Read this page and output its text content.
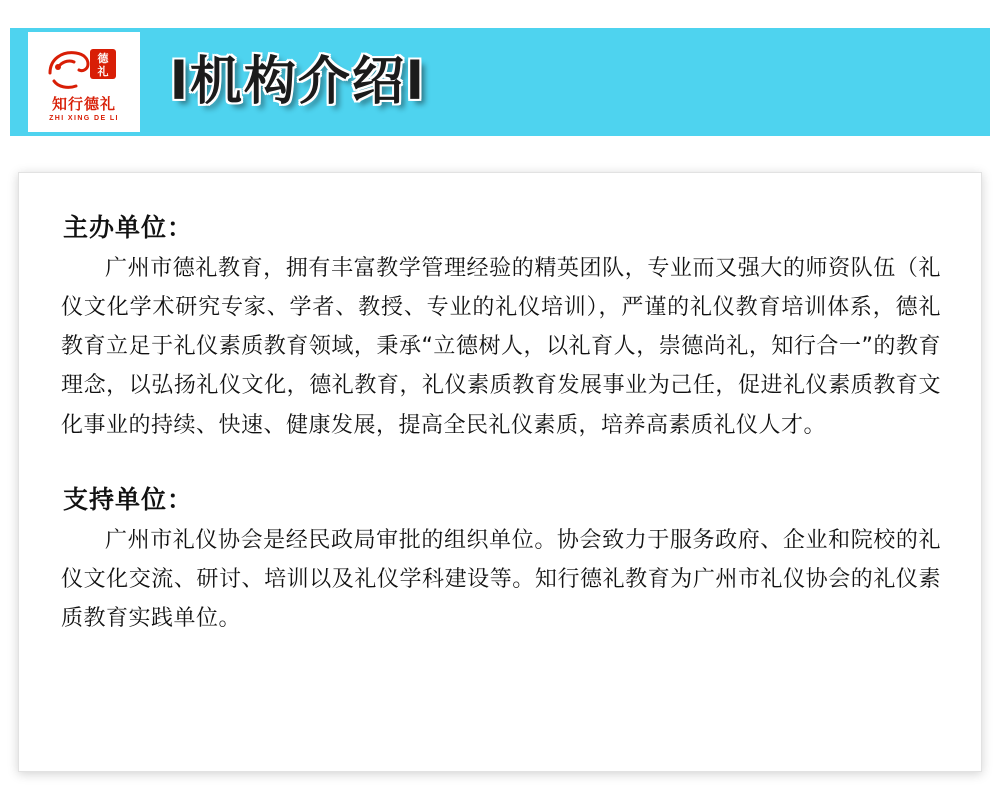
德
礼
知行德礼
ZHI XING DE LI
l机构介绍l
主办单位：

广州市德礼教育，拥有丰富教学管理经验的精英团队，专业而又强大的师资队伍（礼仪文化学术研究专家、学者、教授、专业的礼仪培训），严谨的礼仪教育培训体系，德礼教育立足于礼仪素质教育领域，秉承“立德树人，以礼育人，崇德尚礼，知行合一”的教育理念，以弘扬礼仪文化，德礼教育，礼仪素质教育发展事业为己任，促进礼仪素质教育文化事业的持续、快速、健康发展，提高全民礼仪素质，培养高素质礼仪人才。

支持单位：

广州市礼仪协会是经民政局审批的组织单位。协会致力于服务政府、企业和院校的礼仪文化交流、研讨、培训以及礼仪学科建设等。知行德礼教育为广州市礼仪协会的礼仪素质教育实践单位。
